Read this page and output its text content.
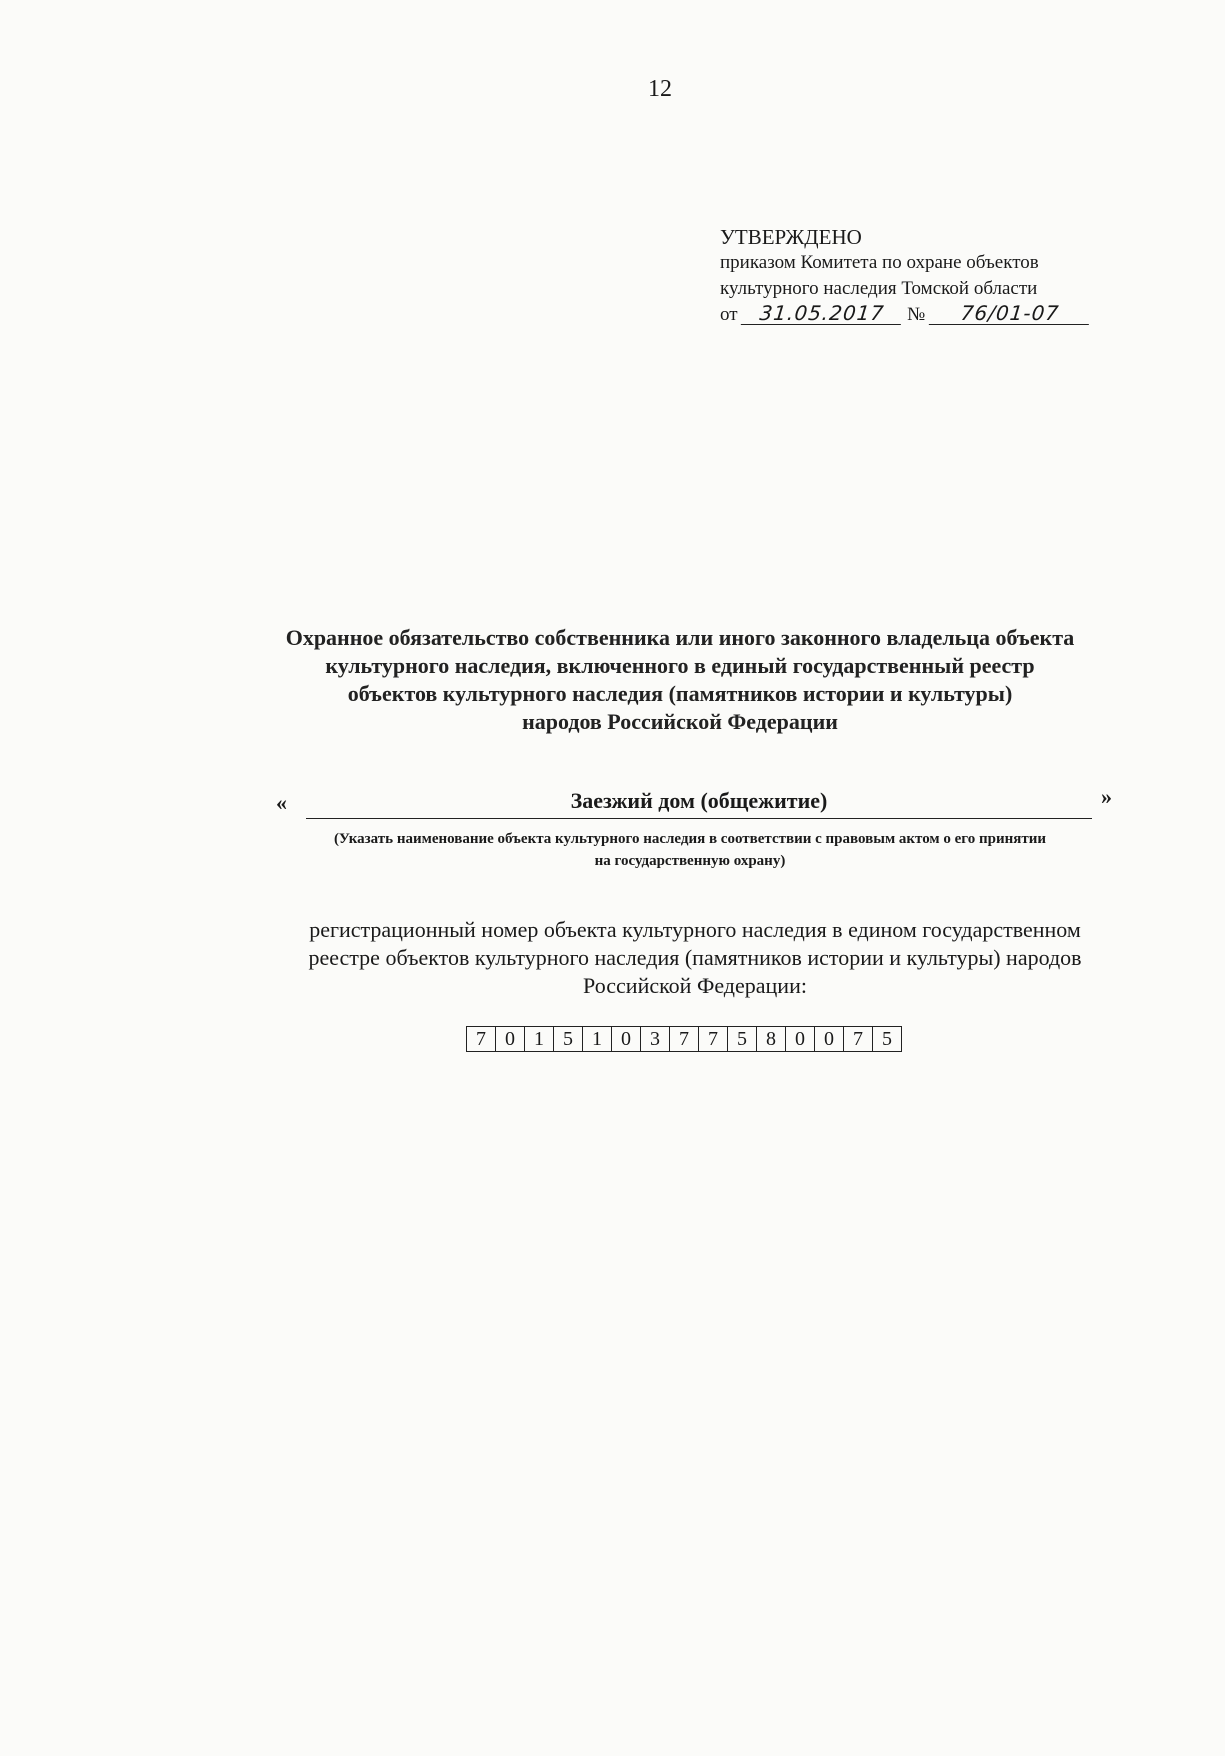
12
УТВЕРЖДЕНО
приказом Комитета по охране объектов
культурного наследия Томской области
от 31.05.2017 № 76/01-07
Охранное обязательство собственника или иного законного владельца объекта
культурного наследия, включенного в единый государственный реестр
объектов культурного наследия (памятников истории и культуры)
народов Российской Федерации
«	Заезжий дом (общежитие)	»
(Указать наименование объекта культурного наследия в соответствии с правовым актом о его принятии
на государственную охрану)
регистрационный номер объекта культурного наследия в едином государственном
реестре объектов культурного наследия (памятников истории и культуры) народов
Российской Федерации:
7 0 1 5 1 0 3 7 7 5 8 0 0 7 5
